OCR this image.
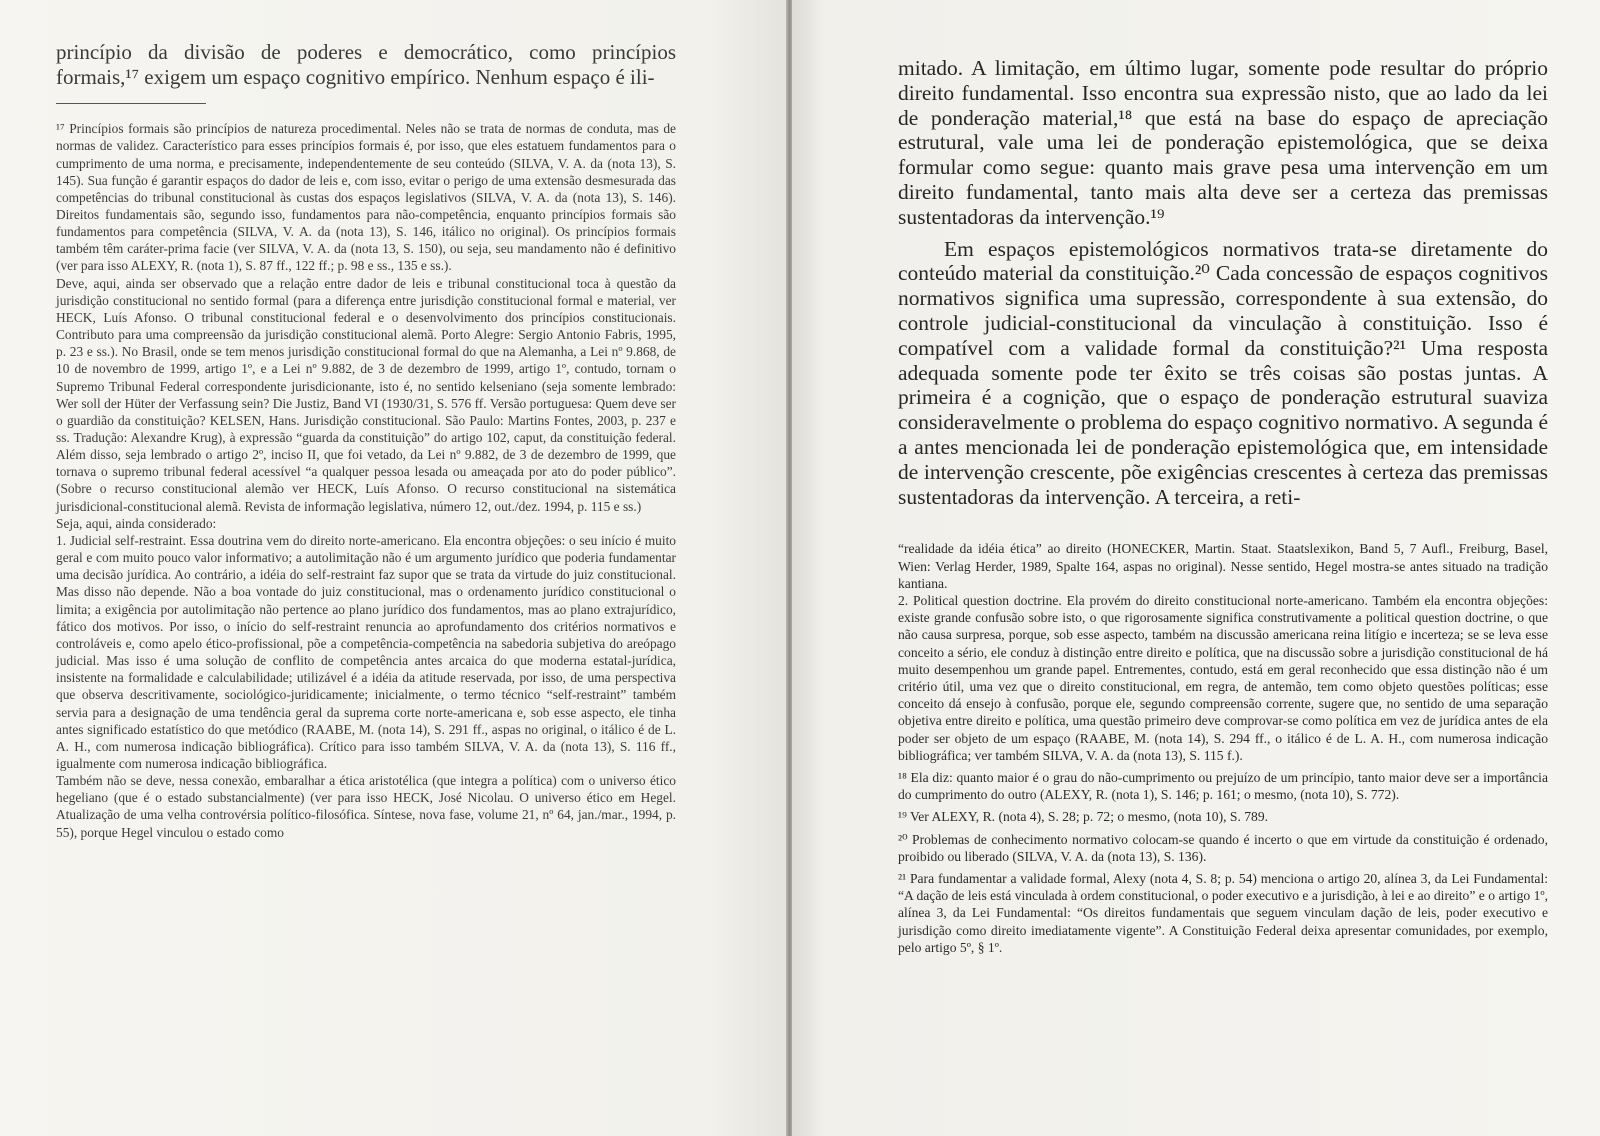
princípio da divisão de poderes e democrático, como princípios formais,¹⁷ exigem um espaço cognitivo empírico. Nenhum espaço é ili-

¹⁷ Princípios formais são princípios de natureza procedimental. Neles não se trata de normas de conduta, mas de normas de validez. Característico para esses princípios formais é, por isso, que eles estatuem fundamentos para o cumprimento de uma norma, e precisamente, independentemente de seu conteúdo (SILVA, V. A. da (nota 13), S. 145). Sua função é garantir espaços do dador de leis e, com isso, evitar o perigo de uma extensão desmesurada das competências do tribunal constitucional às custas dos espaços legislativos (SILVA, V. A. da (nota 13), S. 146). Direitos fundamentais são, segundo isso, fundamentos para não-competência, enquanto princípios formais são fundamentos para competência (SILVA, V. A. da (nota 13), S. 146, itálico no original). Os princípios formais também têm caráter-prima facie (ver SILVA, V. A. da (nota 13, S. 150), ou seja, seu mandamento não é definitivo (ver para isso ALEXY, R. (nota 1), S. 87 ff., 122 ff.; p. 98 e ss., 135 e ss.).

Deve, aqui, ainda ser observado que a relação entre dador de leis e tribunal constitucional toca à questão da jurisdição constitucional no sentido formal (para a diferença entre jurisdição constitucional formal e material, ver HECK, Luís Afonso. O tribunal constitucional federal e o desenvolvimento dos princípios constitucionais. Contributo para uma compreensão da jurisdição constitucional alemã. Porto Alegre: Sergio Antonio Fabris, 1995, p. 23 e ss.). No Brasil, onde se tem menos jurisdição constitucional formal do que na Alemanha, a Lei nº 9.868, de 10 de novembro de 1999, artigo 1º, e a Lei nº 9.882, de 3 de dezembro de 1999, artigo 1º, contudo, tornam o Supremo Tribunal Federal correspondente jurisdicionante, isto é, no sentido kelseniano (seja somente lembrado: Wer soll der Hüter der Verfassung sein? Die Justiz, Band VI (1930/31, S. 576 ff. Versão portuguesa: Quem deve ser o guardião da constituição? KELSEN, Hans. Jurisdição constitucional. São Paulo: Martins Fontes, 2003, p. 237 e ss. Tradução: Alexandre Krug), à expressão “guarda da constituição” do artigo 102, caput, da constituição federal. Além disso, seja lembrado o artigo 2º, inciso II, que foi vetado, da Lei nº 9.882, de 3 de dezembro de 1999, que tornava o supremo tribunal federal acessível “a qualquer pessoa lesada ou ameaçada por ato do poder público”. (Sobre o recurso constitucional alemão ver HECK, Luís Afonso. O recurso constitucional na sistemática jurisdicional-constitucional alemã. Revista de informação legislativa, número 12, out./dez. 1994, p. 115 e ss.)

Seja, aqui, ainda considerado:

1. Judicial self-restraint. Essa doutrina vem do direito norte-americano. Ela encontra objeções: o seu início é muito geral e com muito pouco valor informativo; a autolimitação não é um argumento jurídico que poderia fundamentar uma decisão jurídica. Ao contrário, a idéia do self-restraint faz supor que se trata da virtude do juiz constitucional. Mas disso não depende. Não a boa vontade do juiz constitucional, mas o ordenamento jurídico constitucional o limita; a exigência por autolimitação não pertence ao plano jurídico dos fundamentos, mas ao plano extrajurídico, fático dos motivos. Por isso, o início do self-restraint renuncia ao aprofundamento dos critérios normativos e controláveis e, como apelo ético-profissional, põe a competência-competência na sabedoria subjetiva do areópago judicial. Mas isso é uma solução de conflito de competência antes arcaica do que moderna estatal-jurídica, insistente na formalidade e calculabilidade; utilizável é a idéia da atitude reservada, por isso, de uma perspectiva que observa descritivamente, sociológico-juridicamente; inicialmente, o termo técnico “self-restraint” também servia para a designação de uma tendência geral da suprema corte norte-americana e, sob esse aspecto, ele tinha antes significado estatístico do que metódico (RAABE, M. (nota 14), S. 291 ff., aspas no original, o itálico é de L. A. H., com numerosa indicação bibliográfica). Crítico para isso também SILVA, V. A. da (nota 13), S. 116 ff., igualmente com numerosa indicação bibliográfica.

Também não se deve, nessa conexão, embaralhar a ética aristotélica (que integra a política) com o universo ético hegeliano (que é o estado substancialmente) (ver para isso HECK, José Nicolau. O universo ético em Hegel. Atualização de uma velha controvérsia político-filosófica. Síntese, nova fase, volume 21, nº 64, jan./mar., 1994, p. 55), porque Hegel vinculou o estado como

mitado. A limitação, em último lugar, somente pode resultar do próprio direito fundamental. Isso encontra sua expressão nisto, que ao lado da lei de ponderação material,¹⁸ que está na base do espaço de apreciação estrutural, vale uma lei de ponderação epistemológica, que se deixa formular como segue: quanto mais grave pesa uma intervenção em um direito fundamental, tanto mais alta deve ser a certeza das premissas sustentadoras da intervenção.¹⁹

Em espaços epistemológicos normativos trata-se diretamente do conteúdo material da constituição.²⁰ Cada concessão de espaços cognitivos normativos significa uma supressão, correspondente à sua extensão, do controle judicial-constitucional da vinculação à constituição. Isso é compatível com a validade formal da constituição?²¹ Uma resposta adequada somente pode ter êxito se três coisas são postas juntas. A primeira é a cognição, que o espaço de ponderação estrutural suaviza consideravelmente o problema do espaço cognitivo normativo. A segunda é a antes mencionada lei de ponderação epistemológica que, em intensidade de intervenção crescente, põe exigências crescentes à certeza das premissas sustentadoras da intervenção. A terceira, a reti-

“realidade da idéia ética” ao direito (HONECKER, Martin. Staat. Staatslexikon, Band 5, 7 Aufl., Freiburg, Basel, Wien: Verlag Herder, 1989, Spalte 164, aspas no original). Nesse sentido, Hegel mostra-se antes situado na tradição kantiana.

2. Political question doctrine. Ela provém do direito constitucional norte-americano. Também ela encontra objeções: existe grande confusão sobre isto, o que rigorosamente significa construtivamente a political question doctrine, o que não causa surpresa, porque, sob esse aspecto, também na discussão americana reina litígio e incerteza; se se leva esse conceito a sério, ele conduz à distinção entre direito e política, que na discussão sobre a jurisdição constitucional de há muito desempenhou um grande papel. Entrementes, contudo, está em geral reconhecido que essa distinção não é um critério útil, uma vez que o direito constitucional, em regra, de antemão, tem como objeto questões políticas; esse conceito dá ensejo à confusão, porque ele, segundo compreensão corrente, sugere que, no sentido de uma separação objetiva entre direito e política, uma questão primeiro deve comprovar-se como política em vez de jurídica antes de ela poder ser objeto de um espaço (RAABE, M. (nota 14), S. 294 ff., o itálico é de L. A. H., com numerosa indicação bibliográfica; ver também SILVA, V. A. da (nota 13), S. 115 f.).

¹⁸ Ela diz: quanto maior é o grau do não-cumprimento ou prejuízo de um princípio, tanto maior deve ser a importância do cumprimento do outro (ALEXY, R. (nota 1), S. 146; p. 161; o mesmo, (nota 10), S. 772).

¹⁹ Ver ALEXY, R. (nota 4), S. 28; p. 72; o mesmo, (nota 10), S. 789.

²⁰ Problemas de conhecimento normativo colocam-se quando é incerto o que em virtude da constituição é ordenado, proibido ou liberado (SILVA, V. A. da (nota 13), S. 136).

²¹ Para fundamentar a validade formal, Alexy (nota 4, S. 8; p. 54) menciona o artigo 20, alínea 3, da Lei Fundamental: “A dação de leis está vinculada à ordem constitucional, o poder executivo e a jurisdição, à lei e ao direito” e o artigo 1º, alínea 3, da Lei Fundamental: “Os direitos fundamentais que seguem vinculam dação de leis, poder executivo e jurisdição como direito imediatamente vigente”. A Constituição Federal deixa apresentar comunidades, por exemplo, pelo artigo 5º, § 1º.
